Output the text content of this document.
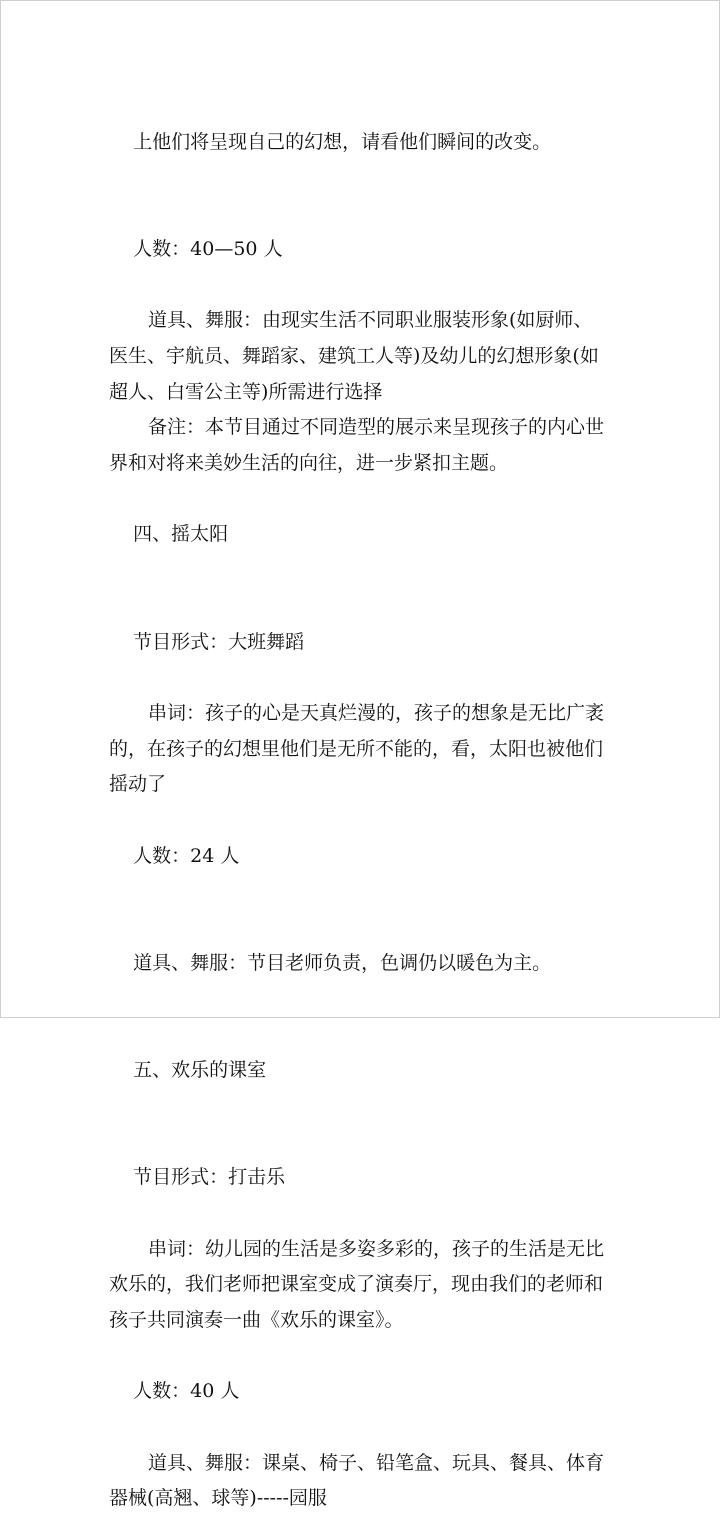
上他们将呈现自己的幻想，请看他们瞬间的改变。

人数：40—50 人

道具、舞服：由现实生活不同职业服装形象(如厨师、
医生、宇航员、舞蹈家、建筑工人等)及幼儿的幻想形象(如
超人、白雪公主等)所需进行选择

备注：本节目通过不同造型的展示来呈现孩子的内心世
界和对将来美妙生活的向往，进一步紧扣主题。

四、摇太阳

节目形式：大班舞蹈

串词：孩子的心是天真烂漫的，孩子的想象是无比广袤
的，在孩子的幻想里他们是无所不能的，看，太阳也被他们
摇动了

人数：24 人

道具、舞服：节目老师负责，色调仍以暖色为主。

五、欢乐的课室

节目形式：打击乐

串词：幼儿园的生活是多姿多彩的，孩子的生活是无比
欢乐的，我们老师把课室变成了演奏厅，现由我们的老师和
孩子共同演奏一曲《欢乐的课室》。

人数：40 人

道具、舞服：课桌、椅子、铅笔盒、玩具、餐具、体育
器械(高翘、球等)-----园服
